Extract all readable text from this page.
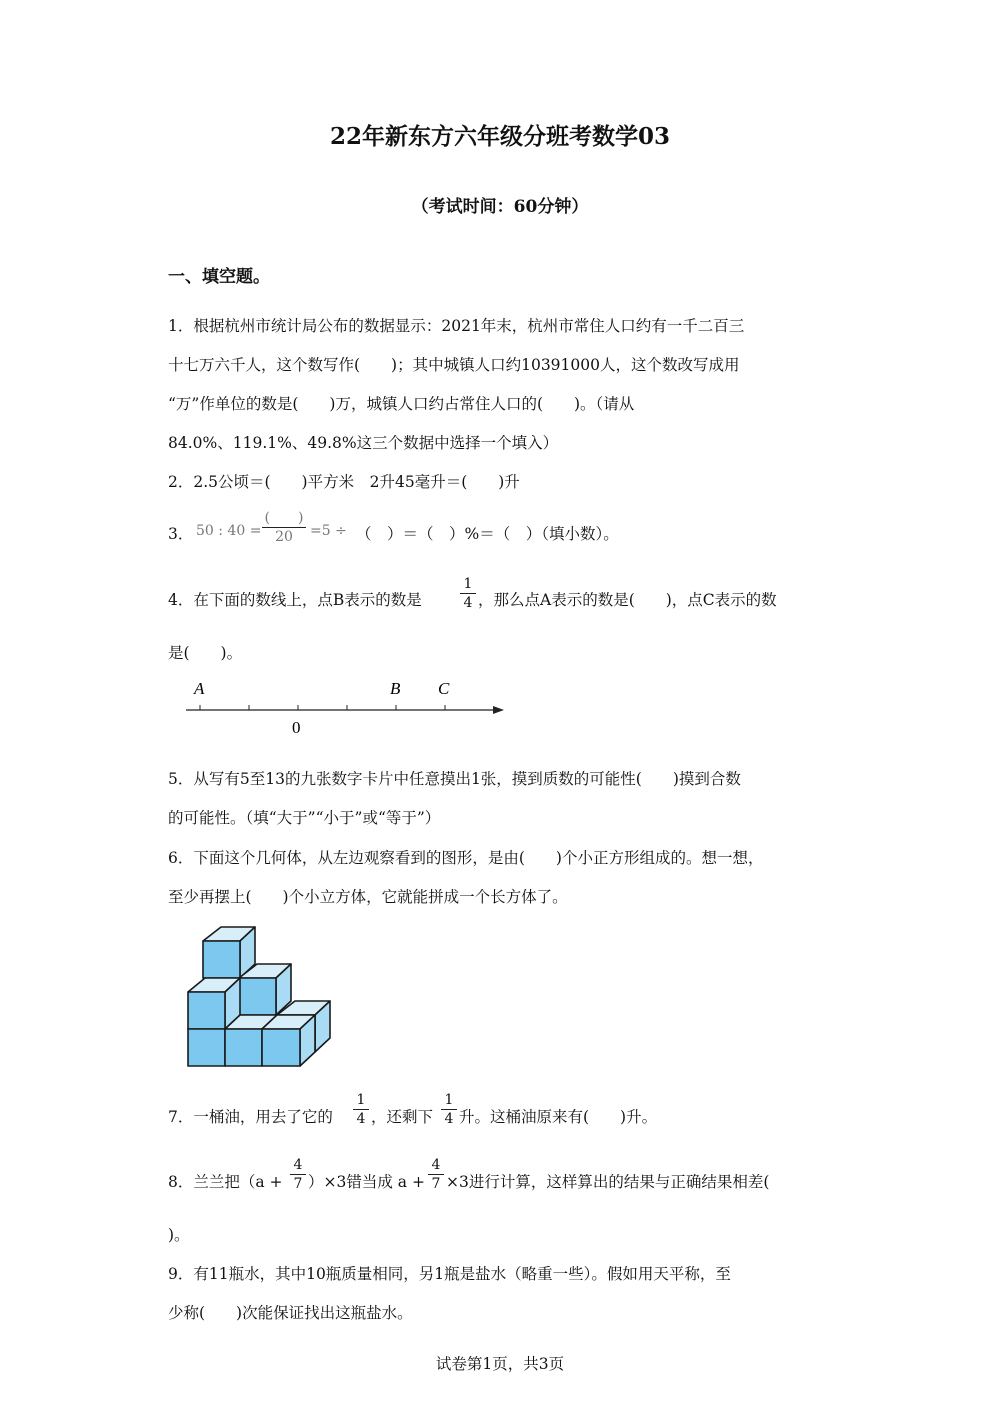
22年新东方六年级分班考数学03
（考试时间：60分钟）
一、填空题。
1．根据杭州市统计局公布的数据显示：2021年末，杭州市常住人口约有一千二百三
十七万六千人，这个数写作(　　)；其中城镇人口约10391000人，这个数改写成用
“万”作单位的数是(　　)万，城镇人口约占常住人口的(　　)。（请从
84.0%、119.1%、49.8%这三个数据中选择一个填入）
2．2.5公顷＝(　　)平方米　2升45毫升＝(　　)升
3． 50 : 40 =
(　　)
20	=5 ÷ （　）＝（　）%＝（　）（填小数）。
4．在下面的数线上，点B表示的数是
1
4 ，那么点A表示的数是(　　)，点C表示的数
是(　　)。
A	B C
0
5．从写有5至13的九张数字卡片中任意摸出1张，摸到质数的可能性(　　)摸到合数
的可能性。（填“大于”“小于”或“等于”）
6．下面这个几何体，从左边观察看到的图形，是由(　　)个小正方形组成的。想一想，
至少再摆上(　　)个小立方体，它就能拼成一个长方体了。
7．一桶油，用去了它的
1
4 ，还剩下
1
4 升。这桶油原来有(　　)升。
8．兰兰把（a +
4
7 ）×3错当成 a +
4
7 ×3进行计算，这样算出的结果与正确结果相差(
)。
9．有11瓶水，其中10瓶质量相同，另1瓶是盐水（略重一些）。假如用天平称，至
少称(　　)次能保证找出这瓶盐水。
试卷第1页，共3页
